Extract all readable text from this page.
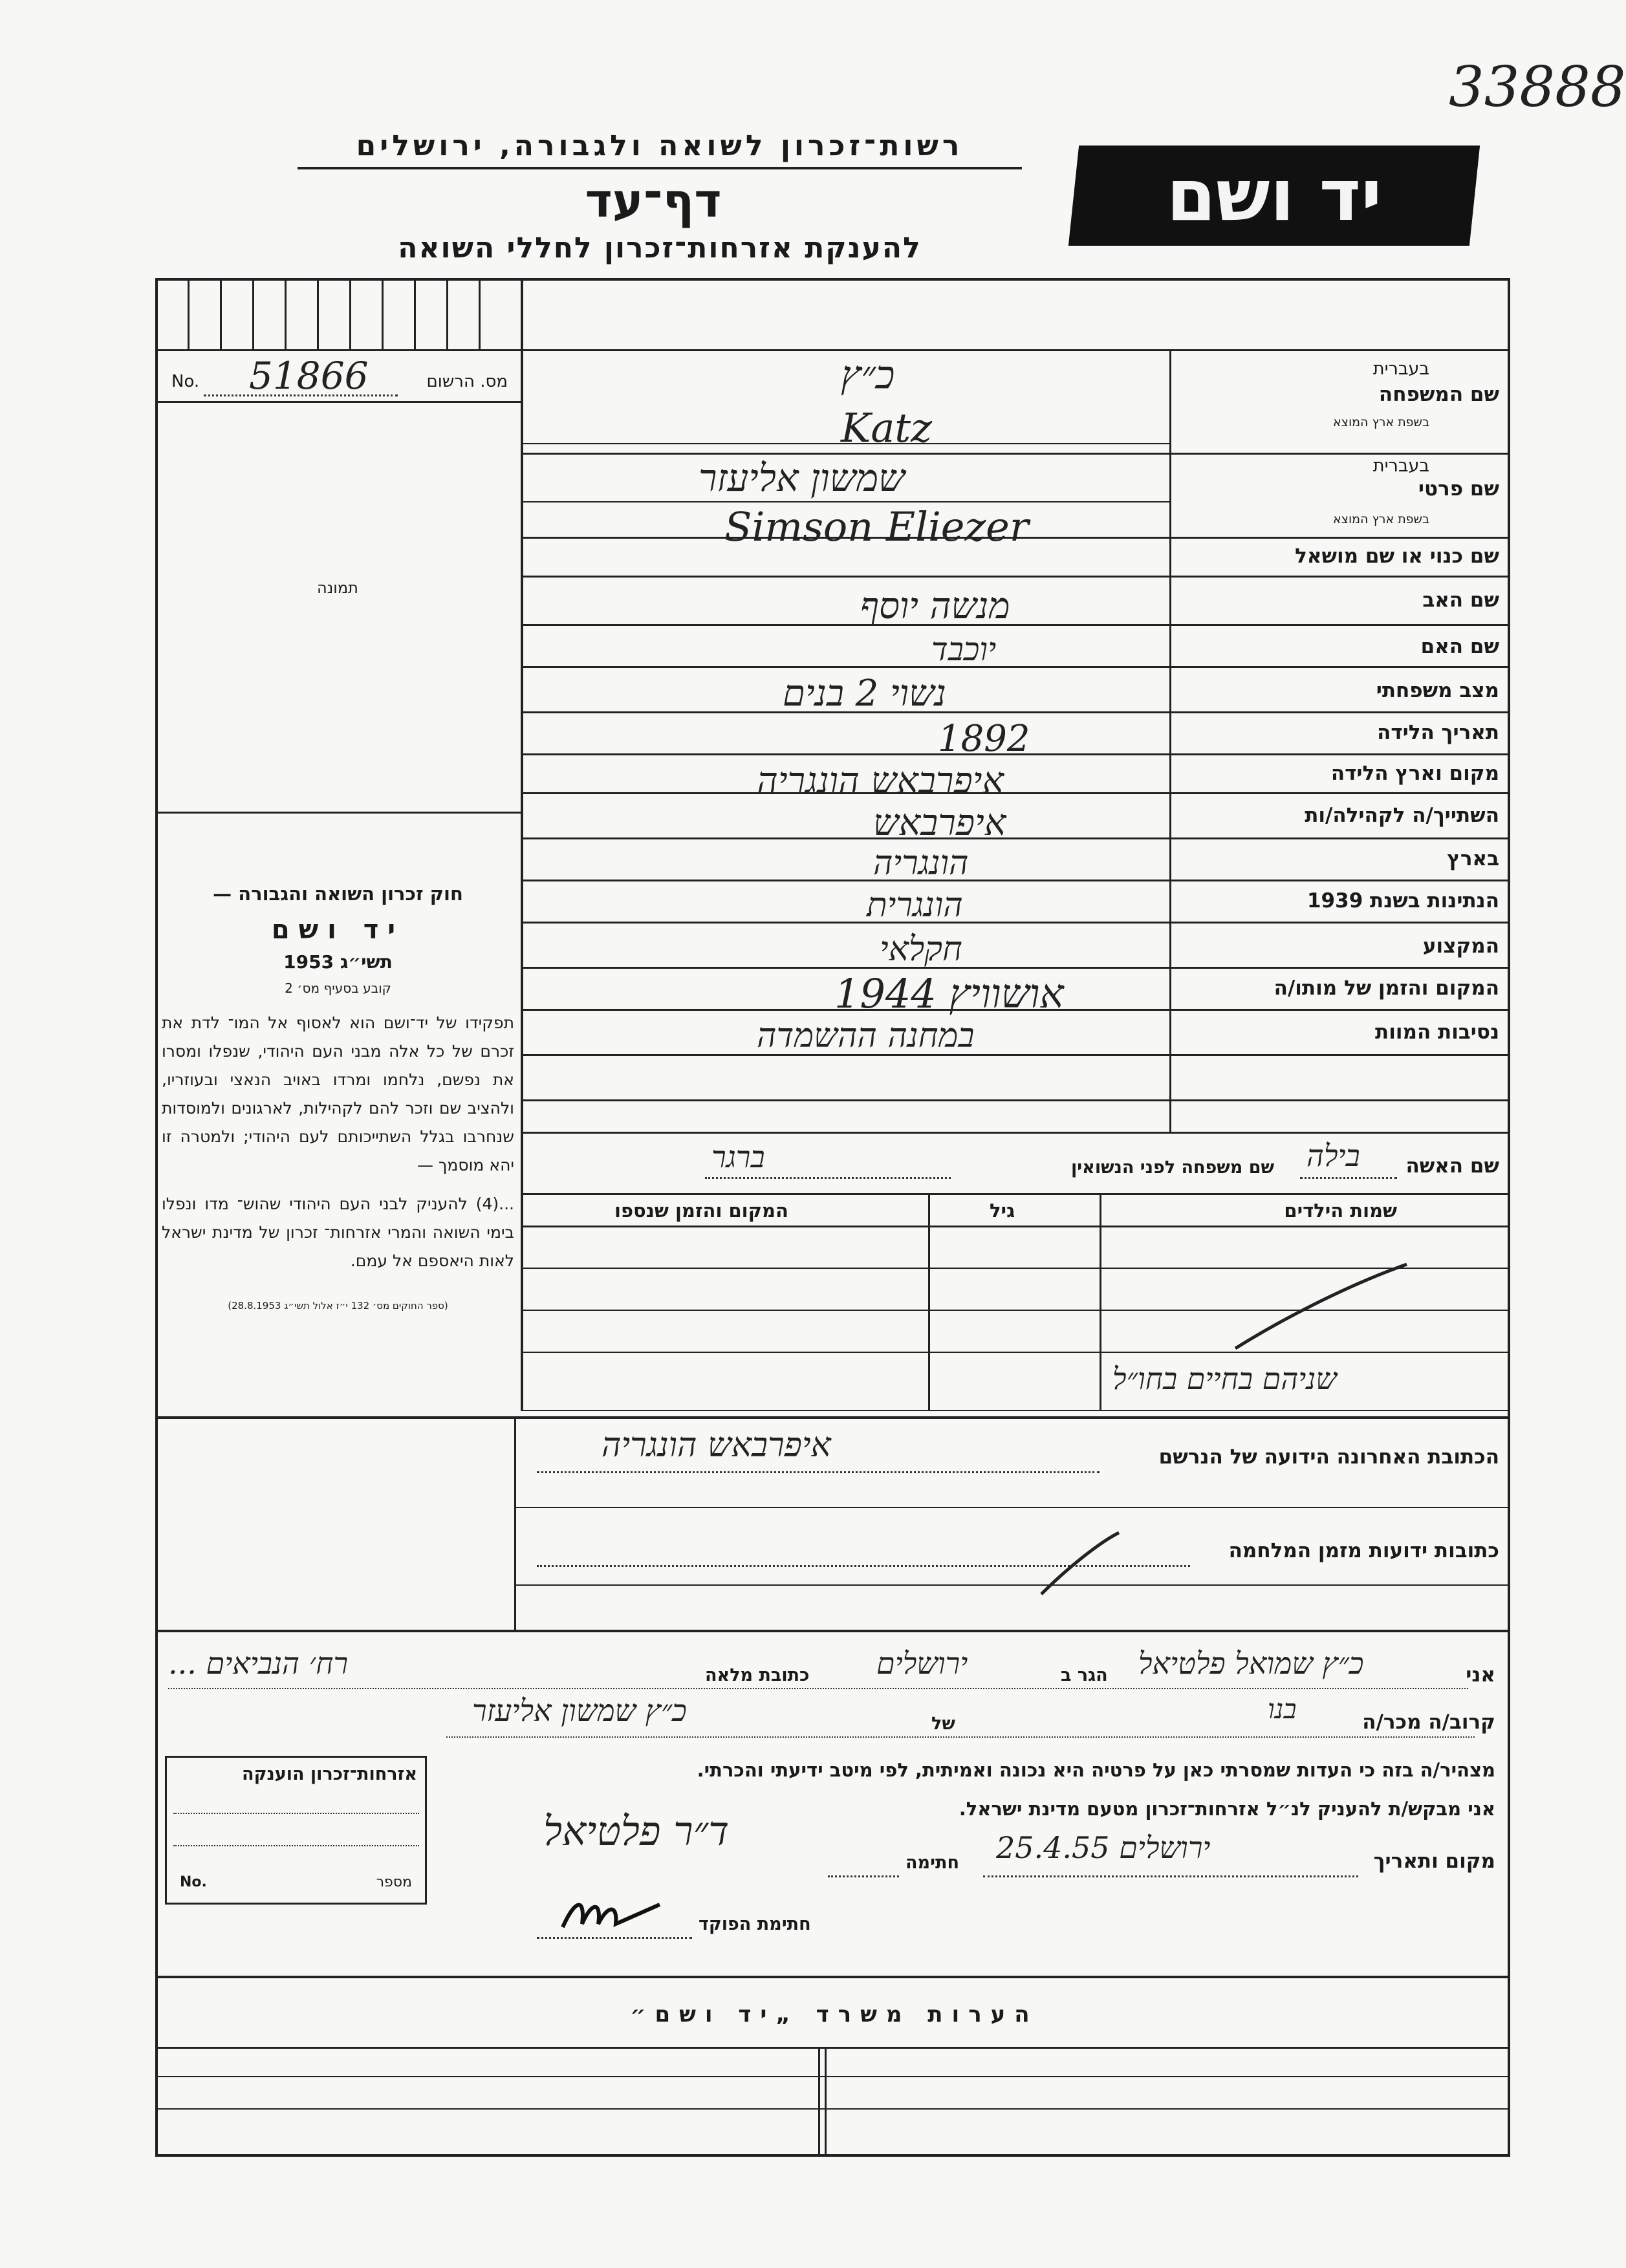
33888
רשות־זכרון לשואה ולגבורה, ירושלים
דף־עד
להענקת אזרחות־זכרון לחללי השואה
יד ושם
מס. הרשום
No. 51866
תמונה
חוק זכרון השואה והגבורה —
יד ושם
תשי״ג 1953
קובע בסעיף מס׳ 2
תפקידו של יד־ושם הוא לאסוף אל המו־ לדת את זכרם של כל אלה מבני העם היהודי, שנפלו ומסרו את נפשם, נלחמו ומרדו באויב הנאצי ובעוזריו, ולהציב שם וזכר להם לקהילות, לארגונים ולמוסדות שנחרבו בגלל השתייכותם לעם היהודי; ולמטרה זו יהא מוסמך —
...(4) להעניק לבני העם היהודי שהוש־ מדו ונפלו בימי השואה והמרי אזרחות־ זכרון של מדינת ישראל לאות היאספם אל עמם.
(ספר החוקים מס׳ 132 י״ז אלול תשי״ג 28.8.1953)
שם המשפחה
בעברית
בשפת ארץ המוצא
שם פרטי
בעברית
בשפת ארץ המוצא
שם כנוי או שם מושאל
שם האב
שם האם
מצב משפחתי
תאריך הלידה
מקום וארץ הלידה
השתייך/ה לקהילה/ות
בארץ
הנתינות בשנת 1939
המקצוע
המקום והזמן של מותו/ה
נסיבות המוות
כ״ץ
Katz
שמשון אליעזר
Simson Eliezer
מנשה יוסף
יוכבד
נשוי 2 בנים
1892
איפרבאש הונגריה
איפרבאש
הונגריה
הונגרית
חקלאי
אושוויץ 1944
במחנה ההשמדה
שם האשה
בילה
שם משפחה לפני הנשואין
ברגר
שמות הילדים
גיל
המקום והזמן שנספו
שניהם בחיים בחו״ל
הכתובת האחרונה הידועה של הנרשם
איפרבאש הונגריה
כתובות ידועות מזמן המלחמה
אני
כ״ץ שמואל פלטיאל
הגר ב
ירושלים
כתובת מלאה
רח׳ הנביאים ...
קרוב/ה מכר/ה
בנו
של
כ״ץ שמשון אליעזר
מצהיר/ה בזה כי העדות שמסרתי כאן על פרטיה היא נכונה ואמיתית, לפי מיטב ידיעתי והכרתי.
אני מבקש/ת להעניק לנ״ל אזרחות־זכרון מטעם מדינת ישראל.
מקום ותאריך
ירושלים 25.4.55
חתימה
ד״ר פלטיאל
חתימת הפוקד
אזרחות־זכרון הוענקה
מספר
No.
הערות משרד „יד ושם״
